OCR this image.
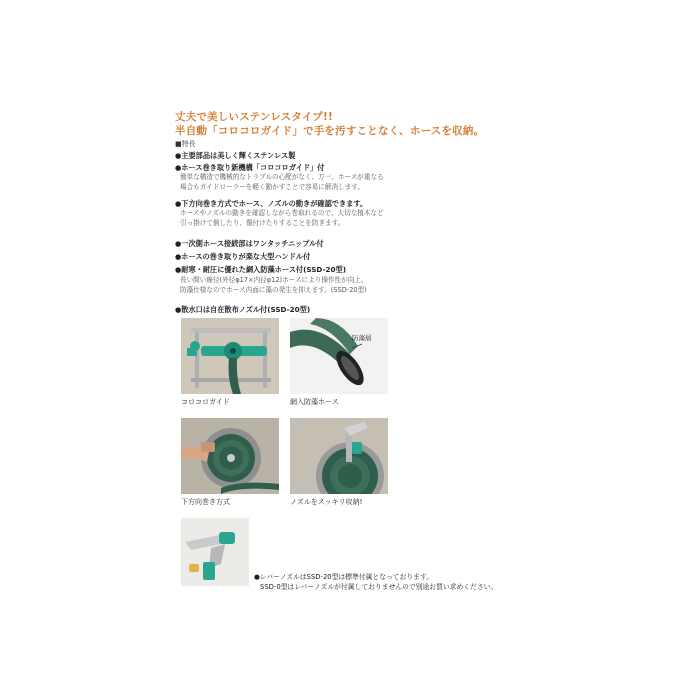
丈夫で美しいステンレスタイプ!!
半自動「コロコロガイド」で手を汚すことなく、ホースを収納。
■特長
●主要部品は美しく輝くステンレス製
●ホース巻き取り新機構「コロコロガイド」付
簡単な構造で機械的なトラブルの心配がなく、万一、ホースが重なる
場合もガイドローラーを軽く動かすことで容易に解消します。
●下方向巻き方式でホース、ノズルの動きが確認できます。
ホースやノズルの動きを確認しながら巻取れるので、大切な植木など
引っ掛けて倒したり、傷付けたりすることを防ぎます。
●一次側ホース接続部はワンタッチニップル付
●ホースの巻き取りが楽な大型ハンドル付
●耐寒・耐圧に優れた網入防藻ホース付(SSD-20型)
長い間い線径(外径φ17×内径φ12)ホースにより操作性が向上。
防藻仕様なのでホース内面に藻の発生を抑えます。(SSD-20型)
●散水口は自在散布ノズル付(SSD-20型)
コロコロガイド
防藻層
網入防藻ホース
下方向巻き方式	ノズルをスッキリ収納!
●レバーノズルはSSD-20型は標準付属となっております。
SSD-0型はレバーノズルが付属しておりませんので別途お買い求めください。
